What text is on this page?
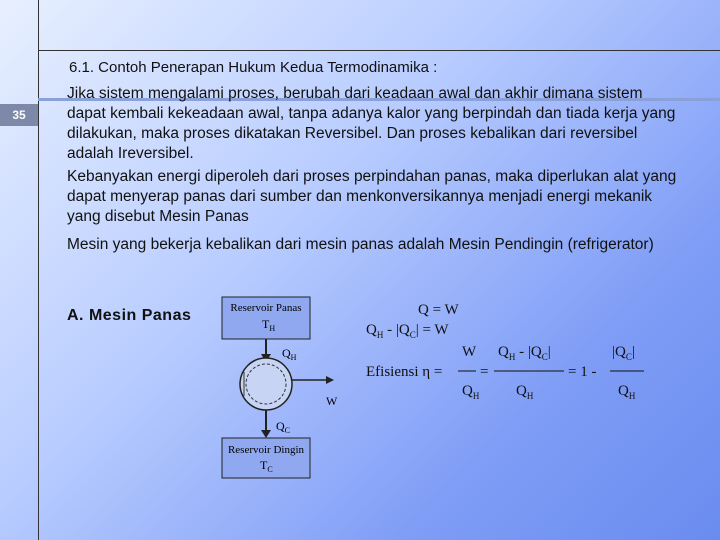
35
6.1. Contoh Penerapan Hukum Kedua Termodinamika :
Jika sistem mengalami proses, berubah dari keadaan awal dan akhir dimana sistem dapat kembali kekeadaan awal, tanpa adanya kalor yang berpindah dan tiada kerja yang dilakukan, maka proses dikatakan Reversibel. Dan proses kebalikan dari reversibel adalah Ireversibel.
Kebanyakan energi diperoleh dari proses perpindahan panas, maka diperlukan alat yang dapat menyerap panas dari sumber dan menkonversikannya menjadi energi mekanik yang disebut Mesin Panas
Mesin yang bekerja kebalikan dari mesin panas adalah Mesin Pendingin (refrigerator)
A. Mesin Panas	Reservoir Panas
$T_H$
$Q_H$
W
$Q_C$
Reservoir Dingin
$T_C$
Q = W
$Q_H - |Q_C| = W$
W $Q_H - |Q_C|$	$|Q_C|$
Efisiensi η =	=	= 1 -
$Q_H$ $Q_H$	$Q_H$
